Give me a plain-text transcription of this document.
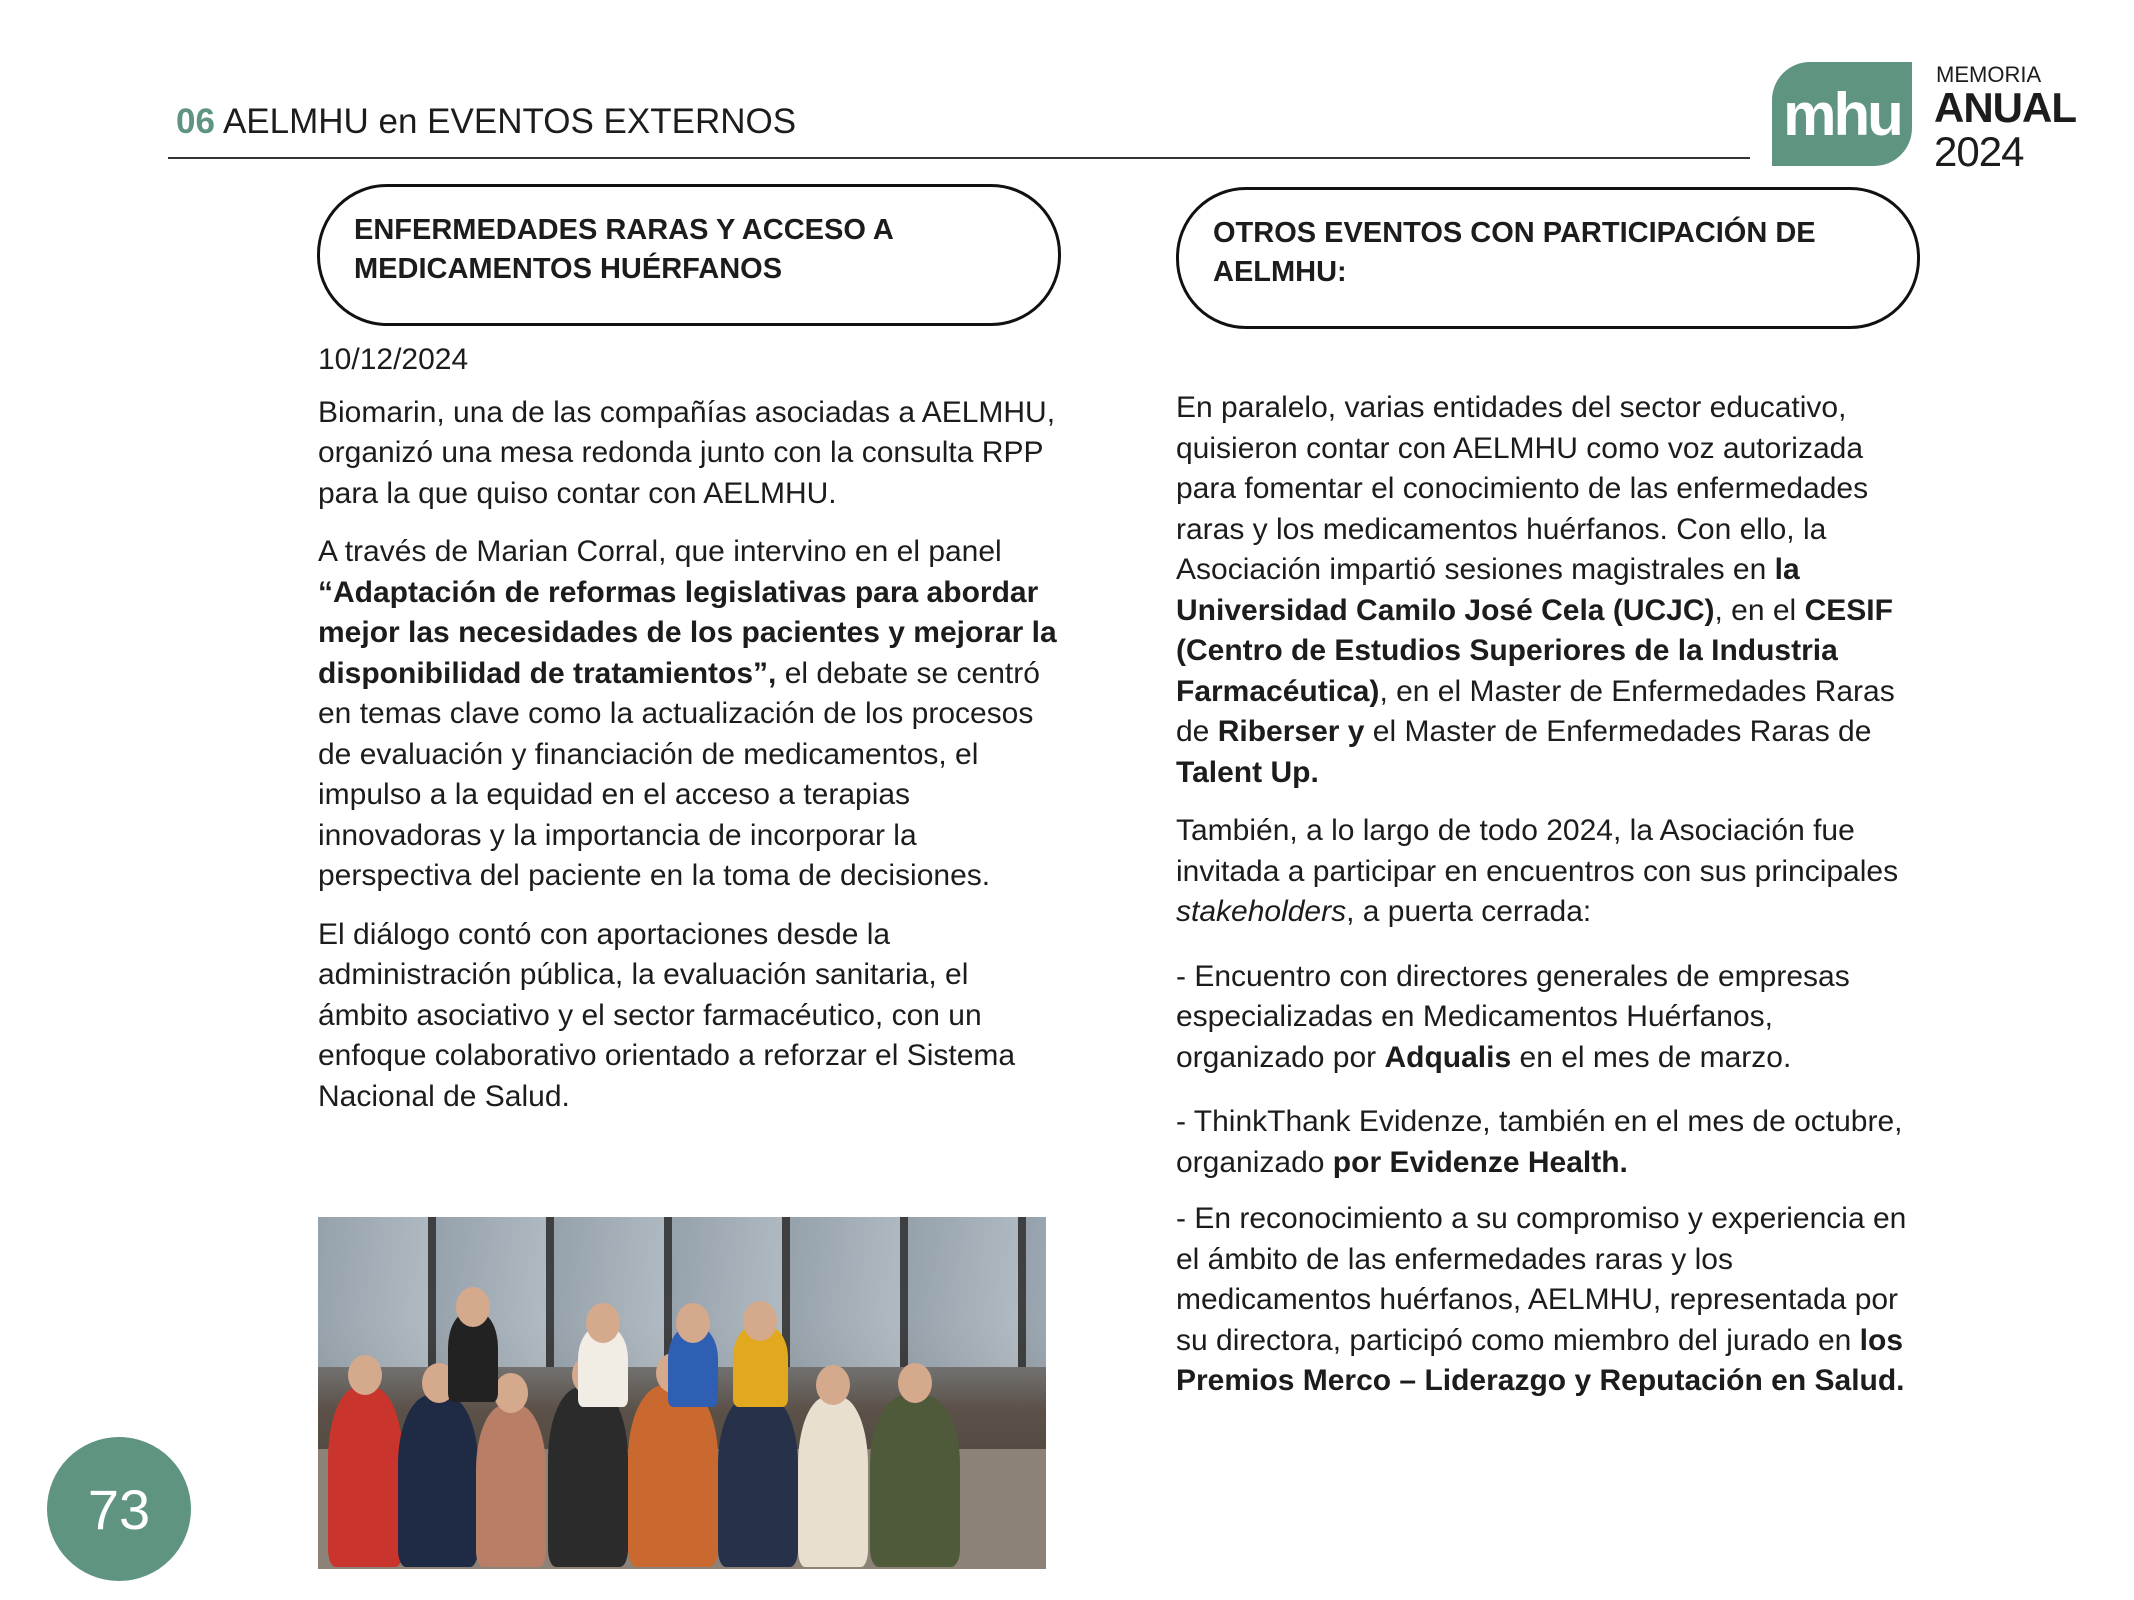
06 AELMHU en EVENTOS EXTERNOS	mhu
MEMORIA
ANUAL
2024
ENFERMEDADES RARAS Y ACCESO A
MEDICAMENTOS HUÉRFANOS
OTROS EVENTOS CON PARTICIPACIÓN DE
AELMHU:

10/12/2024

Biomarin, una de las compañías asociadas a AELMHU, organizó una mesa redonda junto con la consulta RPP para la que quiso contar con AELMHU.

A través de Marian Corral, que intervino en el panel “Adaptación de reformas legislativas para abordar mejor las necesidades de los pacientes y mejorar la disponibilidad de tratamientos”, el debate se centró en temas clave como la actualización de los procesos de evaluación y financiación de medicamentos, el impulso a la equidad en el acceso a terapias innovadoras y la importancia de incorporar la perspectiva del paciente en la toma de decisiones.

El diálogo contó con aportaciones desde la administración pública, la evaluación sanitaria, el ámbito asociativo y el sector farmacéutico, con un enfoque colaborativo orientado a reforzar el Sistema Nacional de Salud.

En paralelo, varias entidades del sector educativo, quisieron contar con AELMHU como voz autorizada para fomentar el conocimiento de las enfermedades raras y los medicamentos huérfanos. Con ello, la Asociación impartió sesiones magistrales en la Universidad Camilo José Cela (UCJC), en el CESIF (Centro de Estudios Superiores de la Industria Farmacéutica), en el Master de Enfermedades Raras de Riberser y el Master de Enfermedades Raras de Talent Up.

También, a lo largo de todo 2024, la Asociación fue invitada a participar en encuentros con sus principales stakeholders, a puerta cerrada:

- Encuentro con directores generales de empresas especializadas en Medicamentos Huérfanos, organizado por Adqualis en el mes de marzo.

- ThinkThank Evidenze, también en el mes de octubre, organizado por Evidenze Health.

- En reconocimiento a su compromiso y experiencia en el ámbito de las enfermedades raras y los medicamentos huérfanos, AELMHU, representada por su directora, participó como miembro del jurado en los Premios Merco – Liderazgo y Reputación en Salud.

73
